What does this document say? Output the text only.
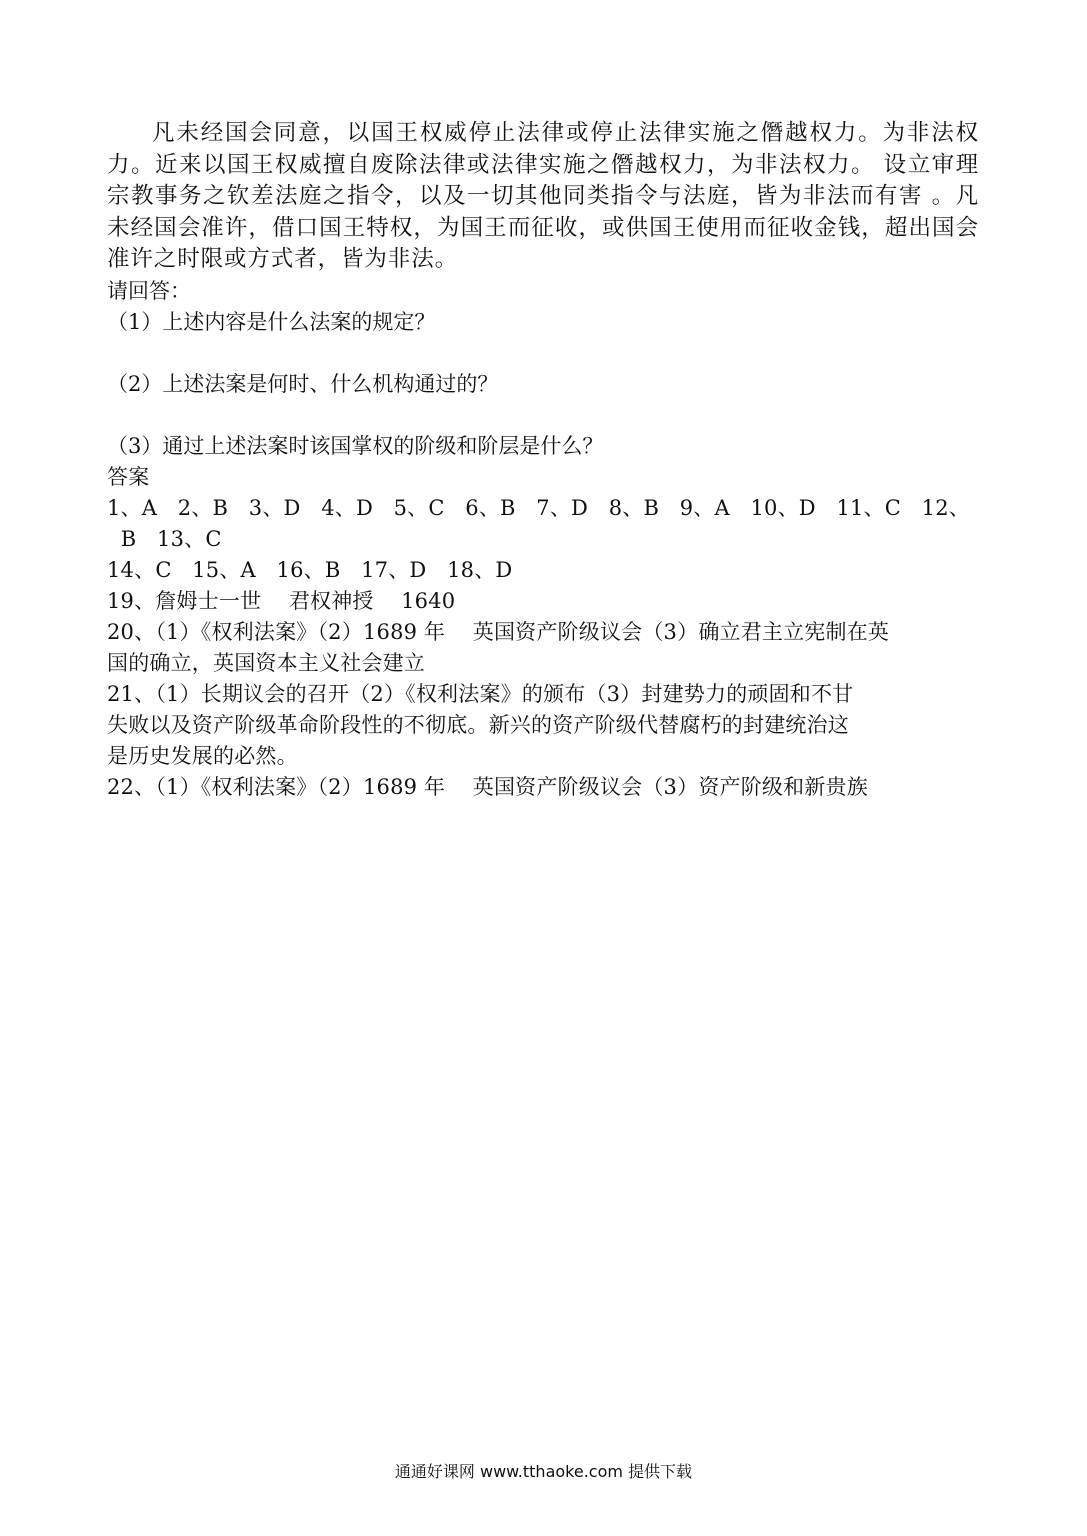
凡未经国会同意，以国王权威停止法律或停止法律实施之僭越权力。为非法权力。近来以国王权威擅自废除法律或法律实施之僭越权力，为非法权力。 设立审理宗教事务之钦差法庭之指令，以及一切其他同类指令与法庭，皆为非法而有害 。凡未经国会准许，借口国王特权，为国王而征收，或供国王使用而征收金钱，超出国会准许之时限或方式者，皆为非法。

请回答：

（1）上述内容是什么法案的规定？

（2）上述法案是何时、什么机构通过的？

（3）通过上述法案时该国掌权的阶级和阶层是什么？

答案

1、A   2、B   3、D   4、D   5、C   6、B   7、D   8、B   9、A   10、D   11、C   12、

B   13、C

14、C   15、A   16、B   17、D   18、D

19、詹姆士一世    君权神授    1640

20、（1）《权利法案》（2）1689 年    英国资产阶级议会（3）确立君主立宪制在英

国的确立，英国资本主义社会建立

21、（1）长期议会的召开（2）《权利法案》的颁布（3）封建势力的顽固和不甘

失败以及资产阶级革命阶段性的不彻底。新兴的资产阶级代替腐朽的封建统治这

是历史发展的必然。

22、（1）《权利法案》（2）1689 年    英国资产阶级议会（3）资产阶级和新贵族

通通好课网 www.tthaoke.com 提供下载
